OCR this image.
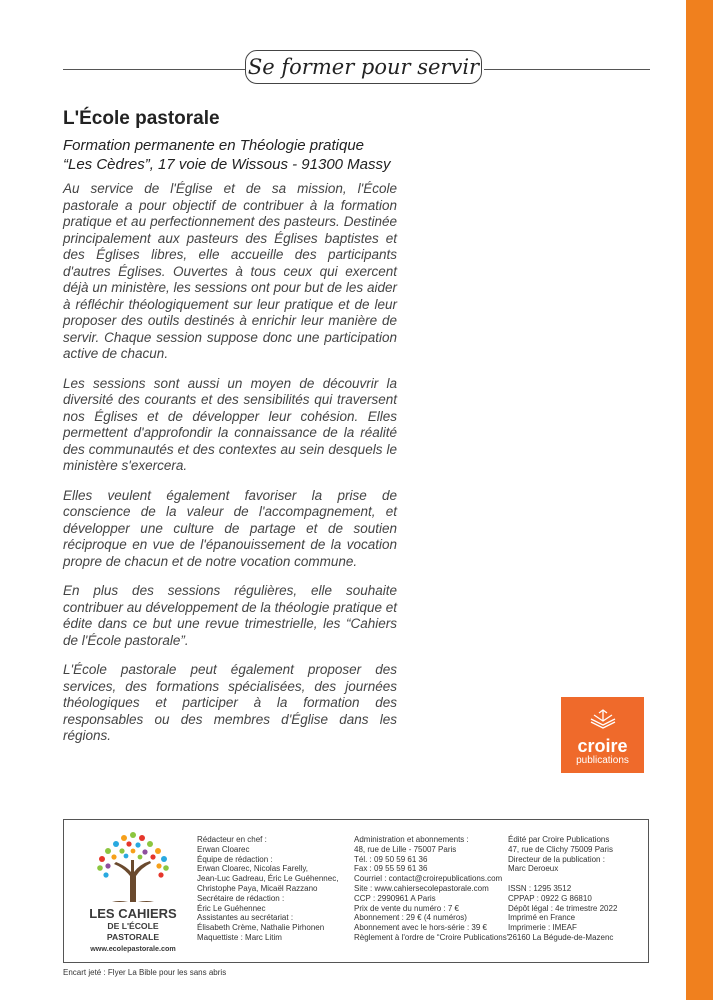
Se former pour servir
L'École pastorale
Formation permanente en Théologie pratique
“Les Cèdres”, 17 voie de Wissous - 91300 Massy

Au service de l'Église et de sa mission, l'École pastorale a pour objectif de contribuer à la formation pratique et au perfectionnement des pasteurs. Destinée principalement aux pasteurs des Églises baptistes et des Églises libres, elle accueille des participants d'autres Églises. Ouvertes à tous ceux qui exercent déjà un ministère, les sessions ont pour but de les aider à réfléchir théologiquement sur leur pratique et de leur proposer des outils destinés à enrichir leur manière de servir. Chaque session suppose donc une participation active de chacun.

Les sessions sont aussi un moyen de découvrir la diversité des courants et des sensibilités qui traversent nos Églises et de développer leur cohésion. Elles permettent d'approfondir la connaissance de la réalité des communautés et des contextes au sein desquels le ministère s'exercera.

Elles veulent également favoriser la prise de conscience de la valeur de l'accompagnement, et développer une culture de partage et de soutien réciproque en vue de l'épanouissement de la vocation propre de chacun et de notre vocation commune.

En plus des sessions régulières, elle souhaite contribuer au développement de la théologie pratique et édite dans ce but une revue trimestrielle, les “Cahiers de l'École pastorale”.

L'École pastorale peut également proposer des services, des formations spécialisées, des journées théologiques et participer à la formation des responsables ou des membres d'Église dans les régions.

croire
publications
LES CAHIERS
DE L'ÉCOLE PASTORALE
www.ecolepastorale.com
Rédacteur en chef :
Erwan Cloarec
Équipe de rédaction :
Erwan Cloarec, Nicolas Farelly,
Jean-Luc Gadreau, Éric Le Guéhennec,
Christophe Paya, Micaël Razzano
Secrétaire de rédaction :
Éric Le Guéhennec
Assistantes au secrétariat :
Élisabeth Crème, Nathalie Pirhonen
Maquettiste : Marc Litim
Administration et abonnements :
48, rue de Lille - 75007 Paris
Tél. : 09 50 59 61 36
Fax : 09 55 59 61 36
Courriel : contact@croirepublications.com
Site : www.cahiersecolepastorale.com
CCP : 2990961 A Paris
Prix de vente du numéro : 7 €
Abonnement : 29 € (4 numéros)
Abonnement avec le hors-série : 39 €
Règlement à l'ordre de “Croire Publications”
Édité par Croire Publications
47, rue de Clichy 75009 Paris
Directeur de la publication :
Marc Deroeux
ISSN : 1295 3512
CPPAP : 0922 G 86810
Dépôt légal : 4e trimestre 2022
Imprimé en France
Imprimerie : IMEAF
26160 La Bégude-de-Mazenc
Encart jeté : Flyer La Bible pour les sans abris
